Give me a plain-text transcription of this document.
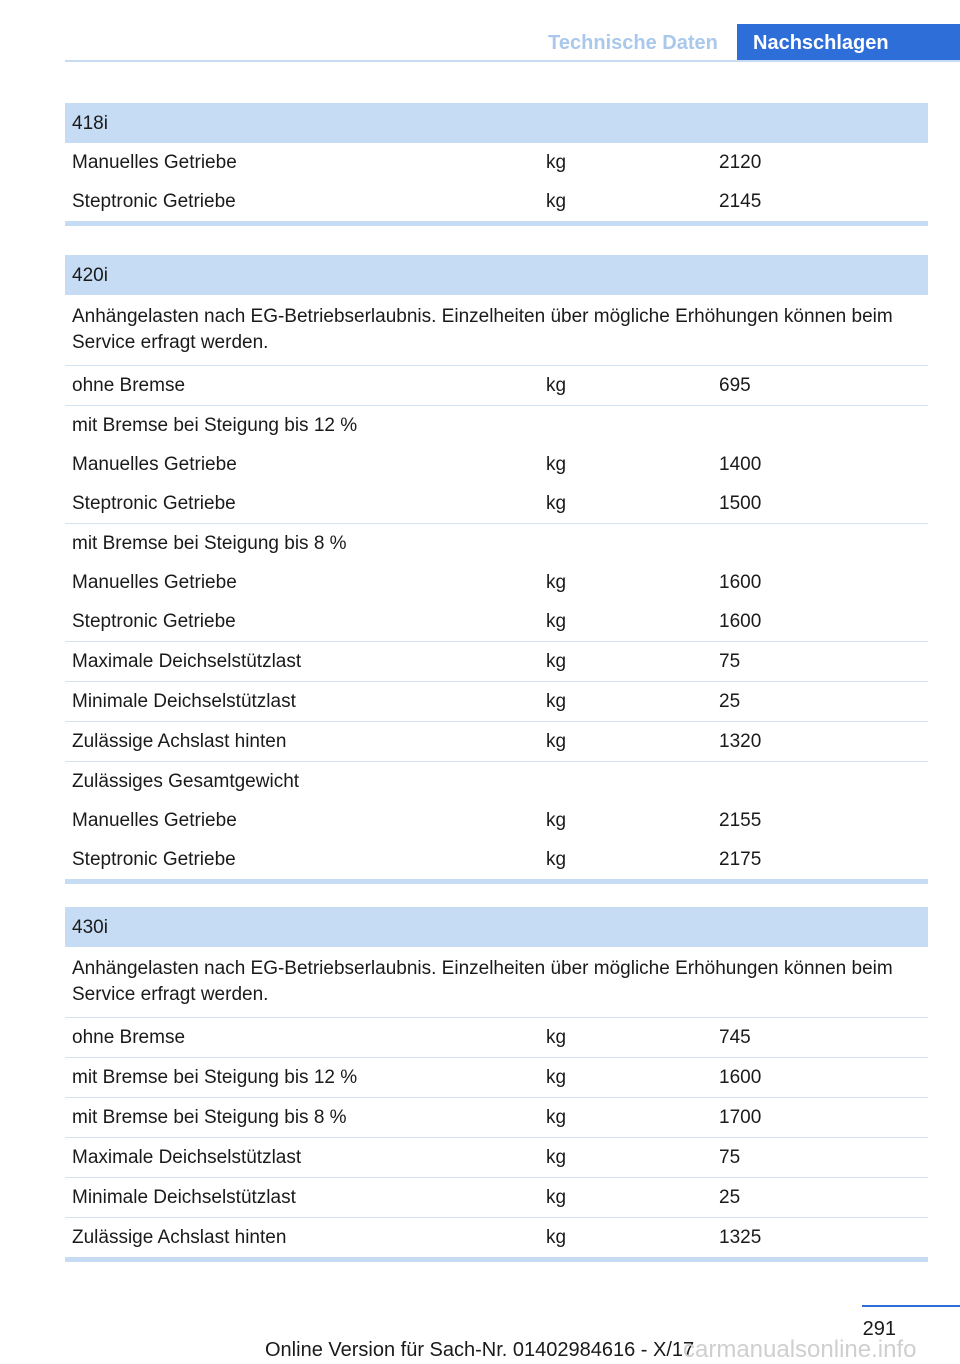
Technische Daten	Nachschlagen
418i
Manuelles Getriebe	kg	2120
Steptronic Getriebe	kg	2145
420i
Anhängelasten nach EG-Betriebserlaubnis. Einzelheiten über mögliche Erhöhungen können beim Service erfragt werden.
ohne Bremse	kg	695
mit Bremse bei Steigung bis 12 %
Manuelles Getriebe	kg	1400
Steptronic Getriebe	kg	1500
mit Bremse bei Steigung bis 8 %
Manuelles Getriebe	kg	1600
Steptronic Getriebe	kg	1600
Maximale Deichselstützlast	kg	75
Minimale Deichselstützlast	kg	25
Zulässige Achslast hinten	kg	1320
Zulässiges Gesamtgewicht
Manuelles Getriebe	kg	2155
Steptronic Getriebe	kg	2175
430i
Anhängelasten nach EG-Betriebserlaubnis. Einzelheiten über mögliche Erhöhungen können beim Service erfragt werden.
ohne Bremse	kg	745
mit Bremse bei Steigung bis 12 %	kg	1600
mit Bremse bei Steigung bis 8 %	kg	1700
Maximale Deichselstützlast	kg	75
Minimale Deichselstützlast	kg	25
Zulässige Achslast hinten	kg	1325
291
Online Version für Sach-Nr. 01402984616 - X/17
carmanualsonline.info
